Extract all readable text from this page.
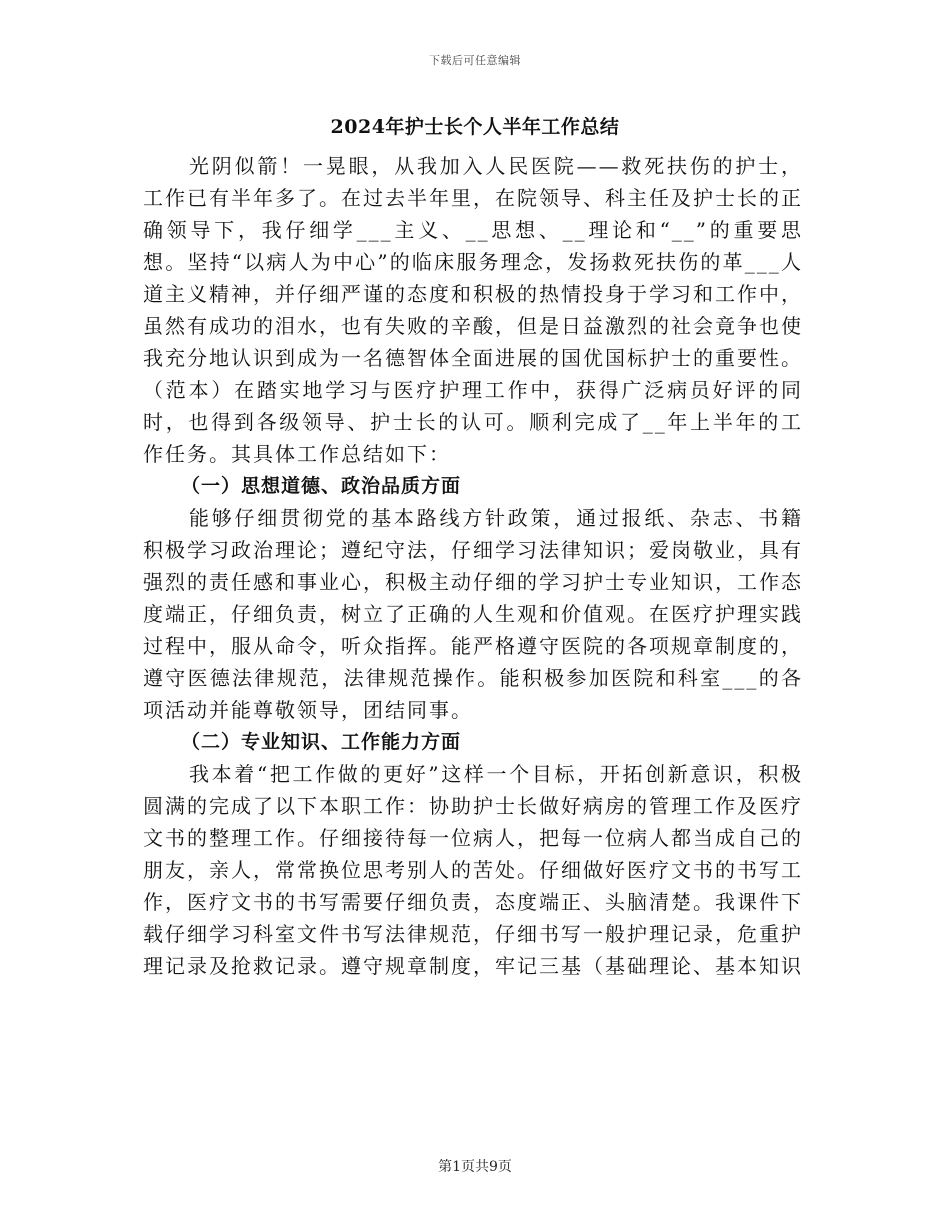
下载后可任意编辑
2024年护士长个人半年工作总结

光阴似箭！一晃眼，从我加入人民医院——救死扶伤的护士，工作已有半年多了。在过去半年里，在院领导、科主任及护士长的正确领导下，我仔细学___主义、__思想、__理论和“__”的重要思想。坚持“以病人为中心”的临床服务理念，发扬救死扶伤的革___人道主义精神，并仔细严谨的态度和积极的热情投身于学习和工作中，虽然有成功的泪水，也有失败的辛酸，但是日益激烈的社会竟争也使我充分地认识到成为一名德智体全面进展的国优国标护士的重要性。（范本）在踏实地学习与医疗护理工作中，获得广泛病员好评的同时，也得到各级领导、护士长的认可。顺利完成了__年上半年的工作任务。其具体工作总结如下：

（一）思想道德、政治品质方面

能够仔细贯彻党的基本路线方针政策，通过报纸、杂志、书籍积极学习政治理论；遵纪守法，仔细学习法律知识；爱岗敬业，具有强烈的责任感和事业心，积极主动仔细的学习护士专业知识，工作态度端正，仔细负责，树立了正确的人生观和价值观。在医疗护理实践过程中，服从命令，听众指挥。能严格遵守医院的各项规章制度的，遵守医德法律规范，法律规范操作。能积极参加医院和科室___的各项活动并能尊敬领导，团结同事。

（二）专业知识、工作能力方面

我本着“把工作做的更好”这样一个目标，开拓创新意识，积极圆满的完成了以下本职工作：协助护士长做好病房的管理工作及医疗文书的整理工作。仔细接待每一位病人，把每一位病人都当成自己的朋友，亲人，常常换位思考别人的苦处。仔细做好医疗文书的书写工作，医疗文书的书写需要仔细负责，态度端正、头脑清楚。我课件下载仔细学习科室文件书写法律规范，仔细书写一般护理记录，危重护理记录及抢救记录。遵守规章制度，牢记三基（基础理论、基本知识

第1页共9页
